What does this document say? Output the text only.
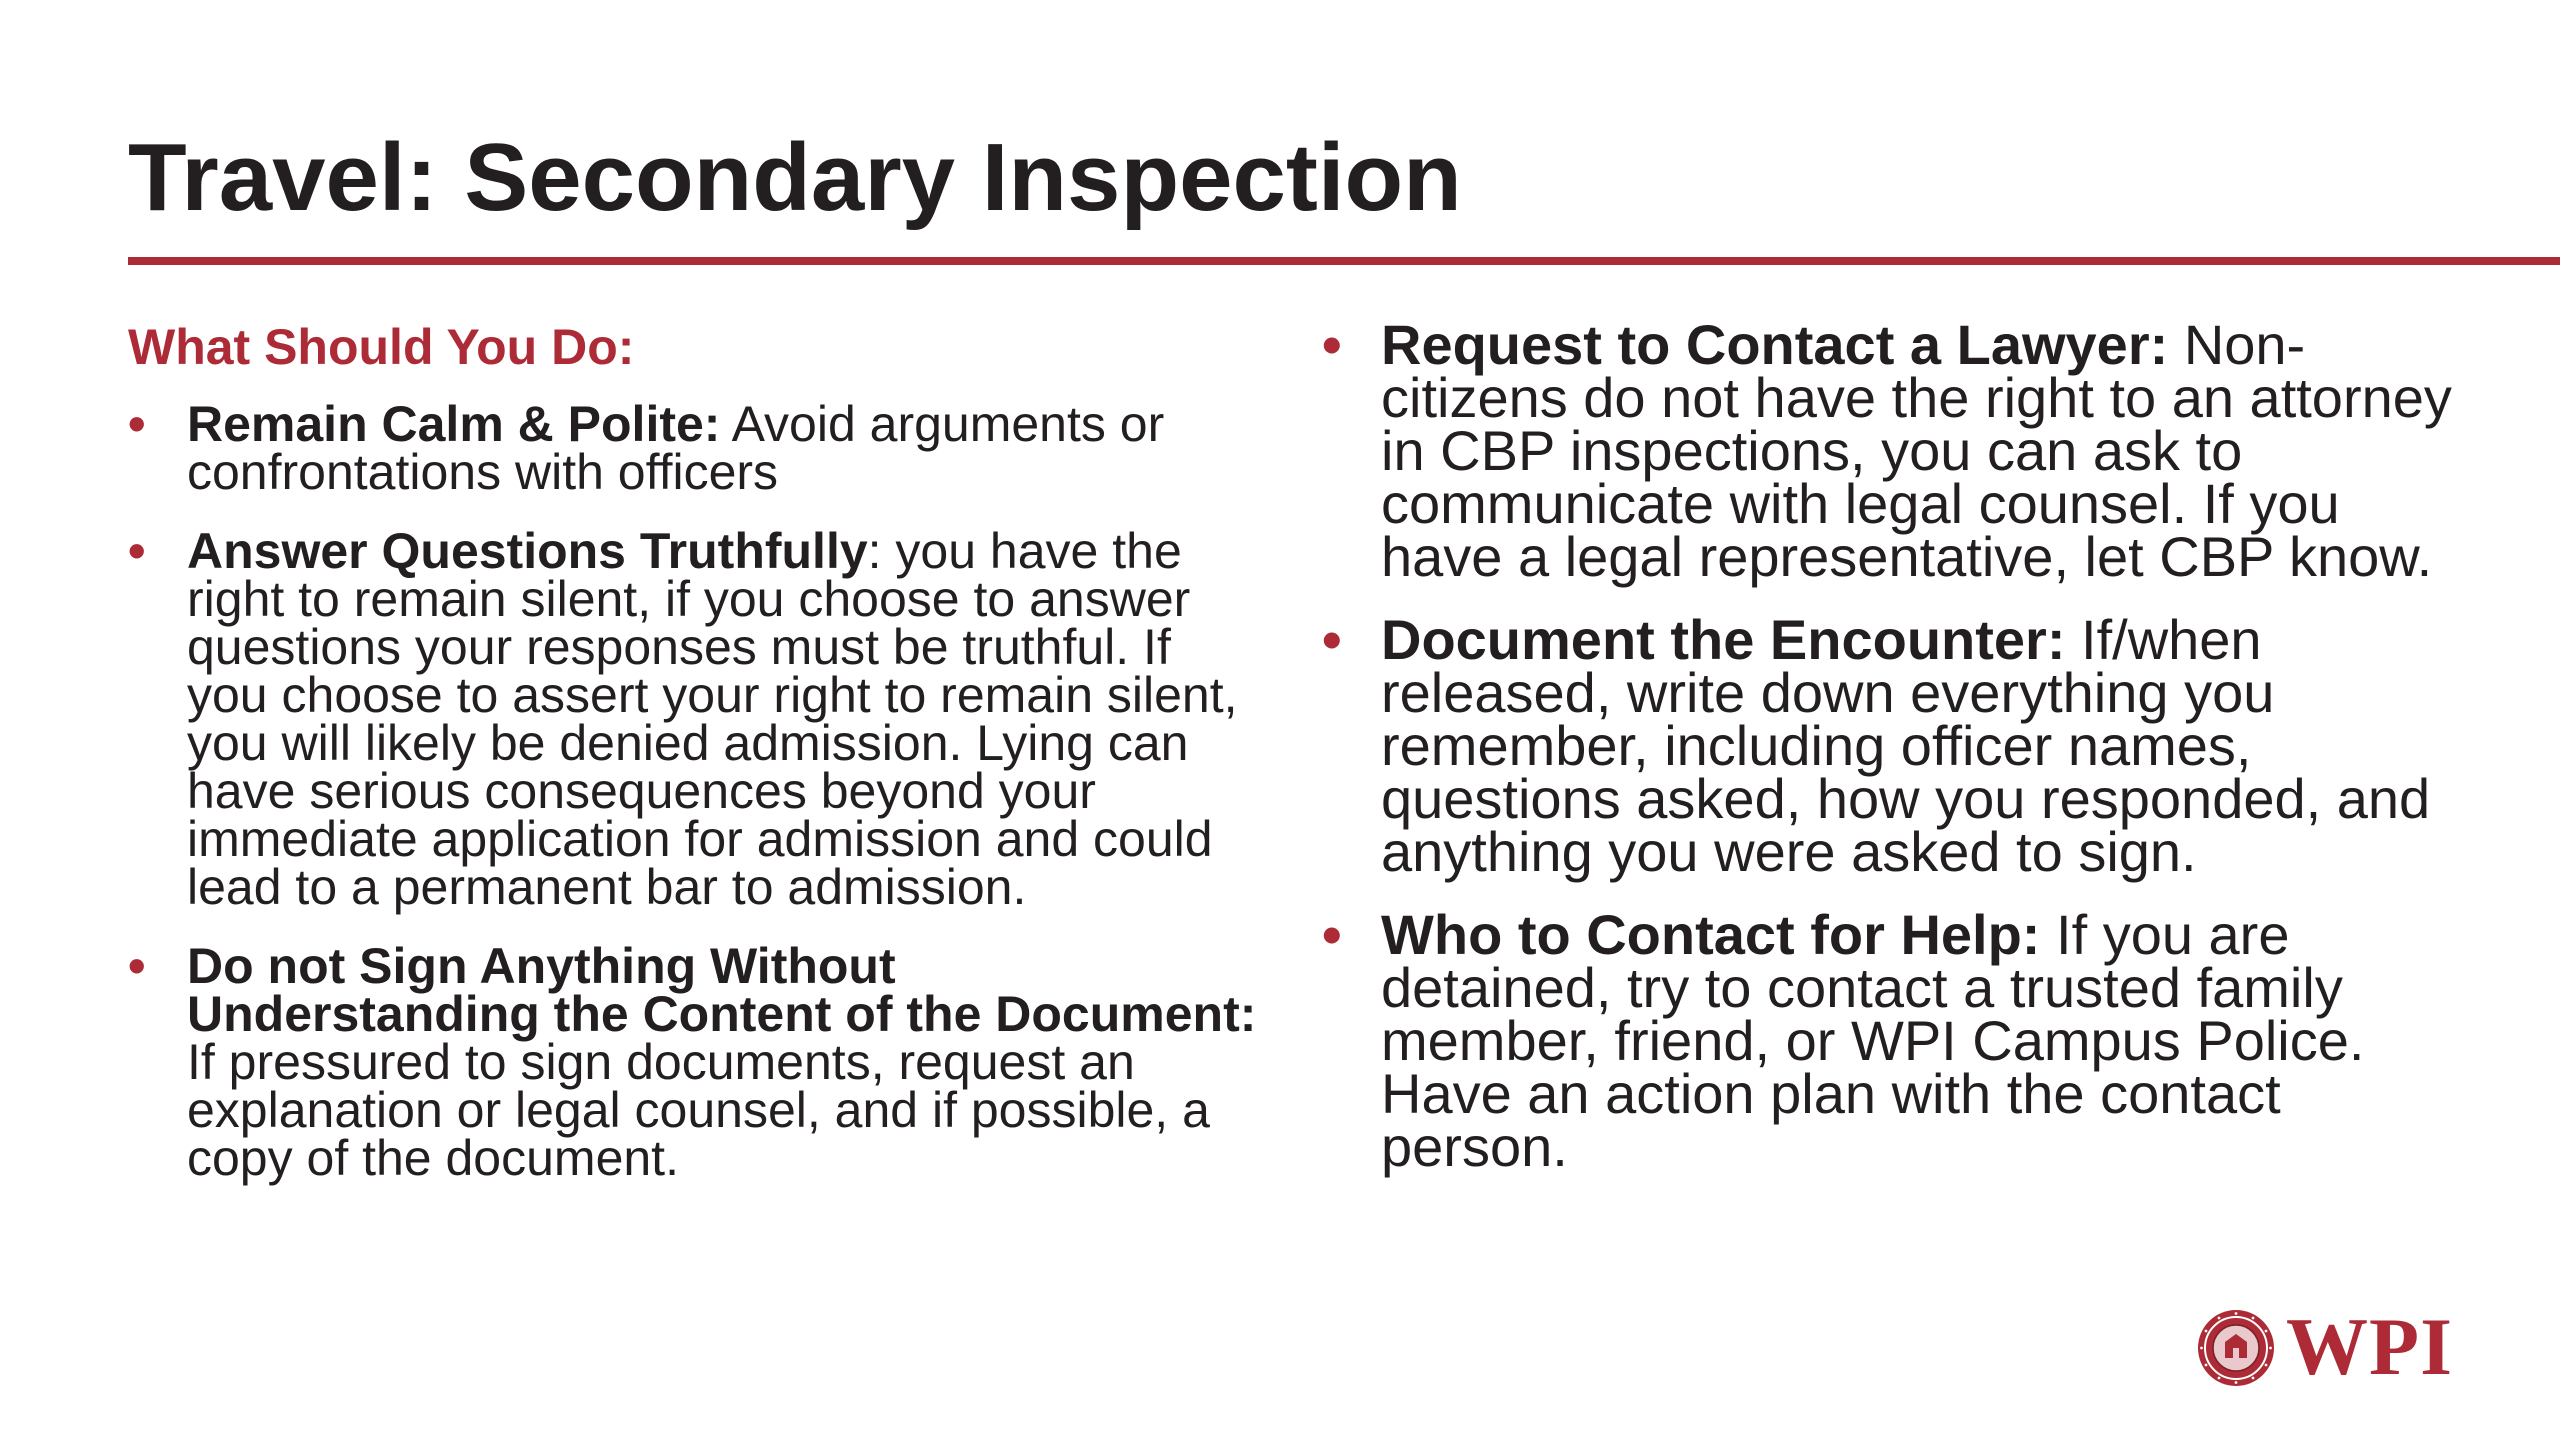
Travel: Secondary Inspection
What Should You Do:
• Remain Calm & Polite: Avoid arguments or confrontations with officers
• Answer Questions Truthfully: you have the right to remain silent, if you choose to answer questions your responses must be truthful. If you choose to assert your right to remain silent, you will likely be denied admission. Lying can have serious consequences beyond your immediate application for admission and could lead to a permanent bar to admission.
• Do not Sign Anything Without Understanding the Content of the Document: If pressured to sign documents, request an explanation or legal counsel, and if possible, a copy of the document.
• Request to Contact a Lawyer: Non-citizens do not have the right to an attorney in CBP inspections, you can ask to communicate with legal counsel. If you have a legal representative, let CBP know.
• Document the Encounter: If/when released, write down everything you remember, including officer names, questions asked, how you responded, and anything you were asked to sign.
• Who to Contact for Help: If you are detained, try to contact a trusted family member, friend, or WPI Campus Police. Have an action plan with the contact person.
WPI
